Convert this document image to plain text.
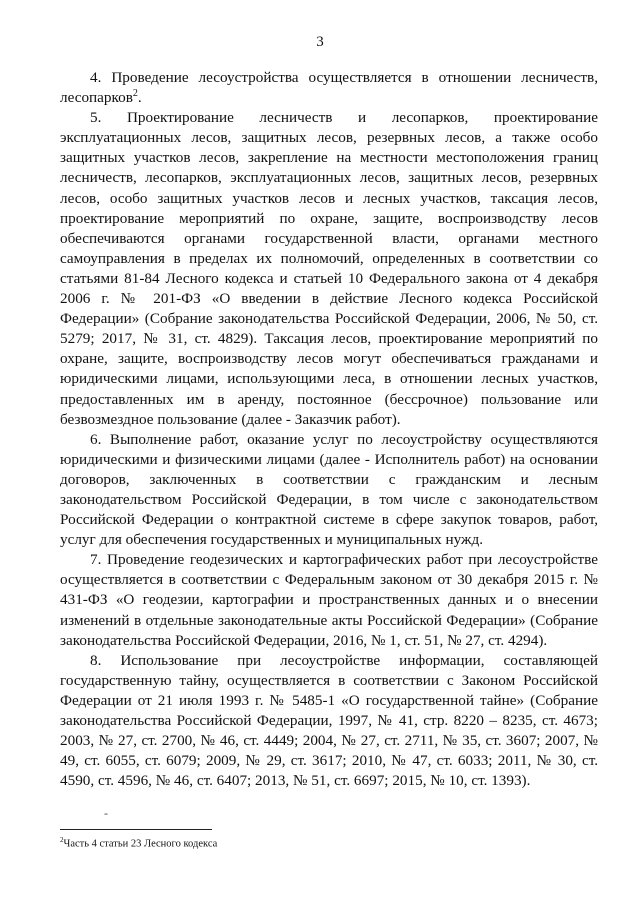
3

4. Проведение лесоустройства осуществляется в отношении лесничеств, лесопарков$^2$.

5. Проектирование лесничеств и лесопарков, проектирование эксплуатационных лесов, защитных лесов, резервных лесов, а также особо защитных участков лесов, закрепление на местности местоположения границ лесничеств, лесопарков, эксплуатационных лесов, защитных лесов, резервных лесов, особо защитных участков лесов и лесных участков, таксация лесов, проектирование мероприятий по охране, защите, воспроизводству лесов обеспечиваются органами государственной власти, органами местного самоуправления в пределах их полномочий, определенных в соответствии со статьями 81-84 Лесного кодекса и статьей 10 Федерального закона от 4 декабря 2006 г. № 201-ФЗ «О введении в действие Лесного кодекса Российской Федерации» (Собрание законодательства Российской Федерации, 2006, № 50, ст. 5279; 2017, № 31, ст. 4829). Таксация лесов, проектирование мероприятий по охране, защите, воспроизводству лесов могут обеспечиваться гражданами и юридическими лицами, использующими леса, в отношении лесных участков, предоставленных им в аренду, постоянное (бессрочное) пользование или безвозмездное пользование (далее - Заказчик работ).

6. Выполнение работ, оказание услуг по лесоустройству осуществляются юридическими и физическими лицами (далее - Исполнитель работ) на основании договоров, заключенных в соответствии с гражданским и лесным законодательством Российской Федерации, в том числе с законодательством Российской Федерации о контрактной системе в сфере закупок товаров, работ, услуг для обеспечения государственных и муниципальных нужд.

7. Проведение геодезических и картографических работ при лесоустройстве осуществляется в соответствии с Федеральным законом от 30 декабря 2015 г. № 431-ФЗ «О геодезии, картографии и пространственных данных и о внесении изменений в отдельные законодательные акты Российской Федерации» (Собрание законодательства Российской Федерации, 2016, № 1, ст. 51, № 27, ст. 4294).

8. Использование при лесоустройстве информации, составляющей государственную тайну, осуществляется в соответствии с Законом Российской Федерации от 21 июля 1993 г. № 5485-1 «О государственной тайне» (Собрание законодательства Российской Федерации, 1997, № 41, стр. 8220 – 8235, ст. 4673; 2003, № 27, ст. 2700, № 46, ст. 4449; 2004, № 27, ст. 2711, № 35, ст. 3607; 2007, № 49, ст. 6055, ст. 6079; 2009, № 29, ст. 3617; 2010, № 47, ст. 6033; 2011, № 30, ст. 4590, ст. 4596, № 46, ст. 6407; 2013, № 51, ст. 6697; 2015, № 10, ст. 1393).

-
$^2$Часть 4 статьи 23 Лесного кодекса
